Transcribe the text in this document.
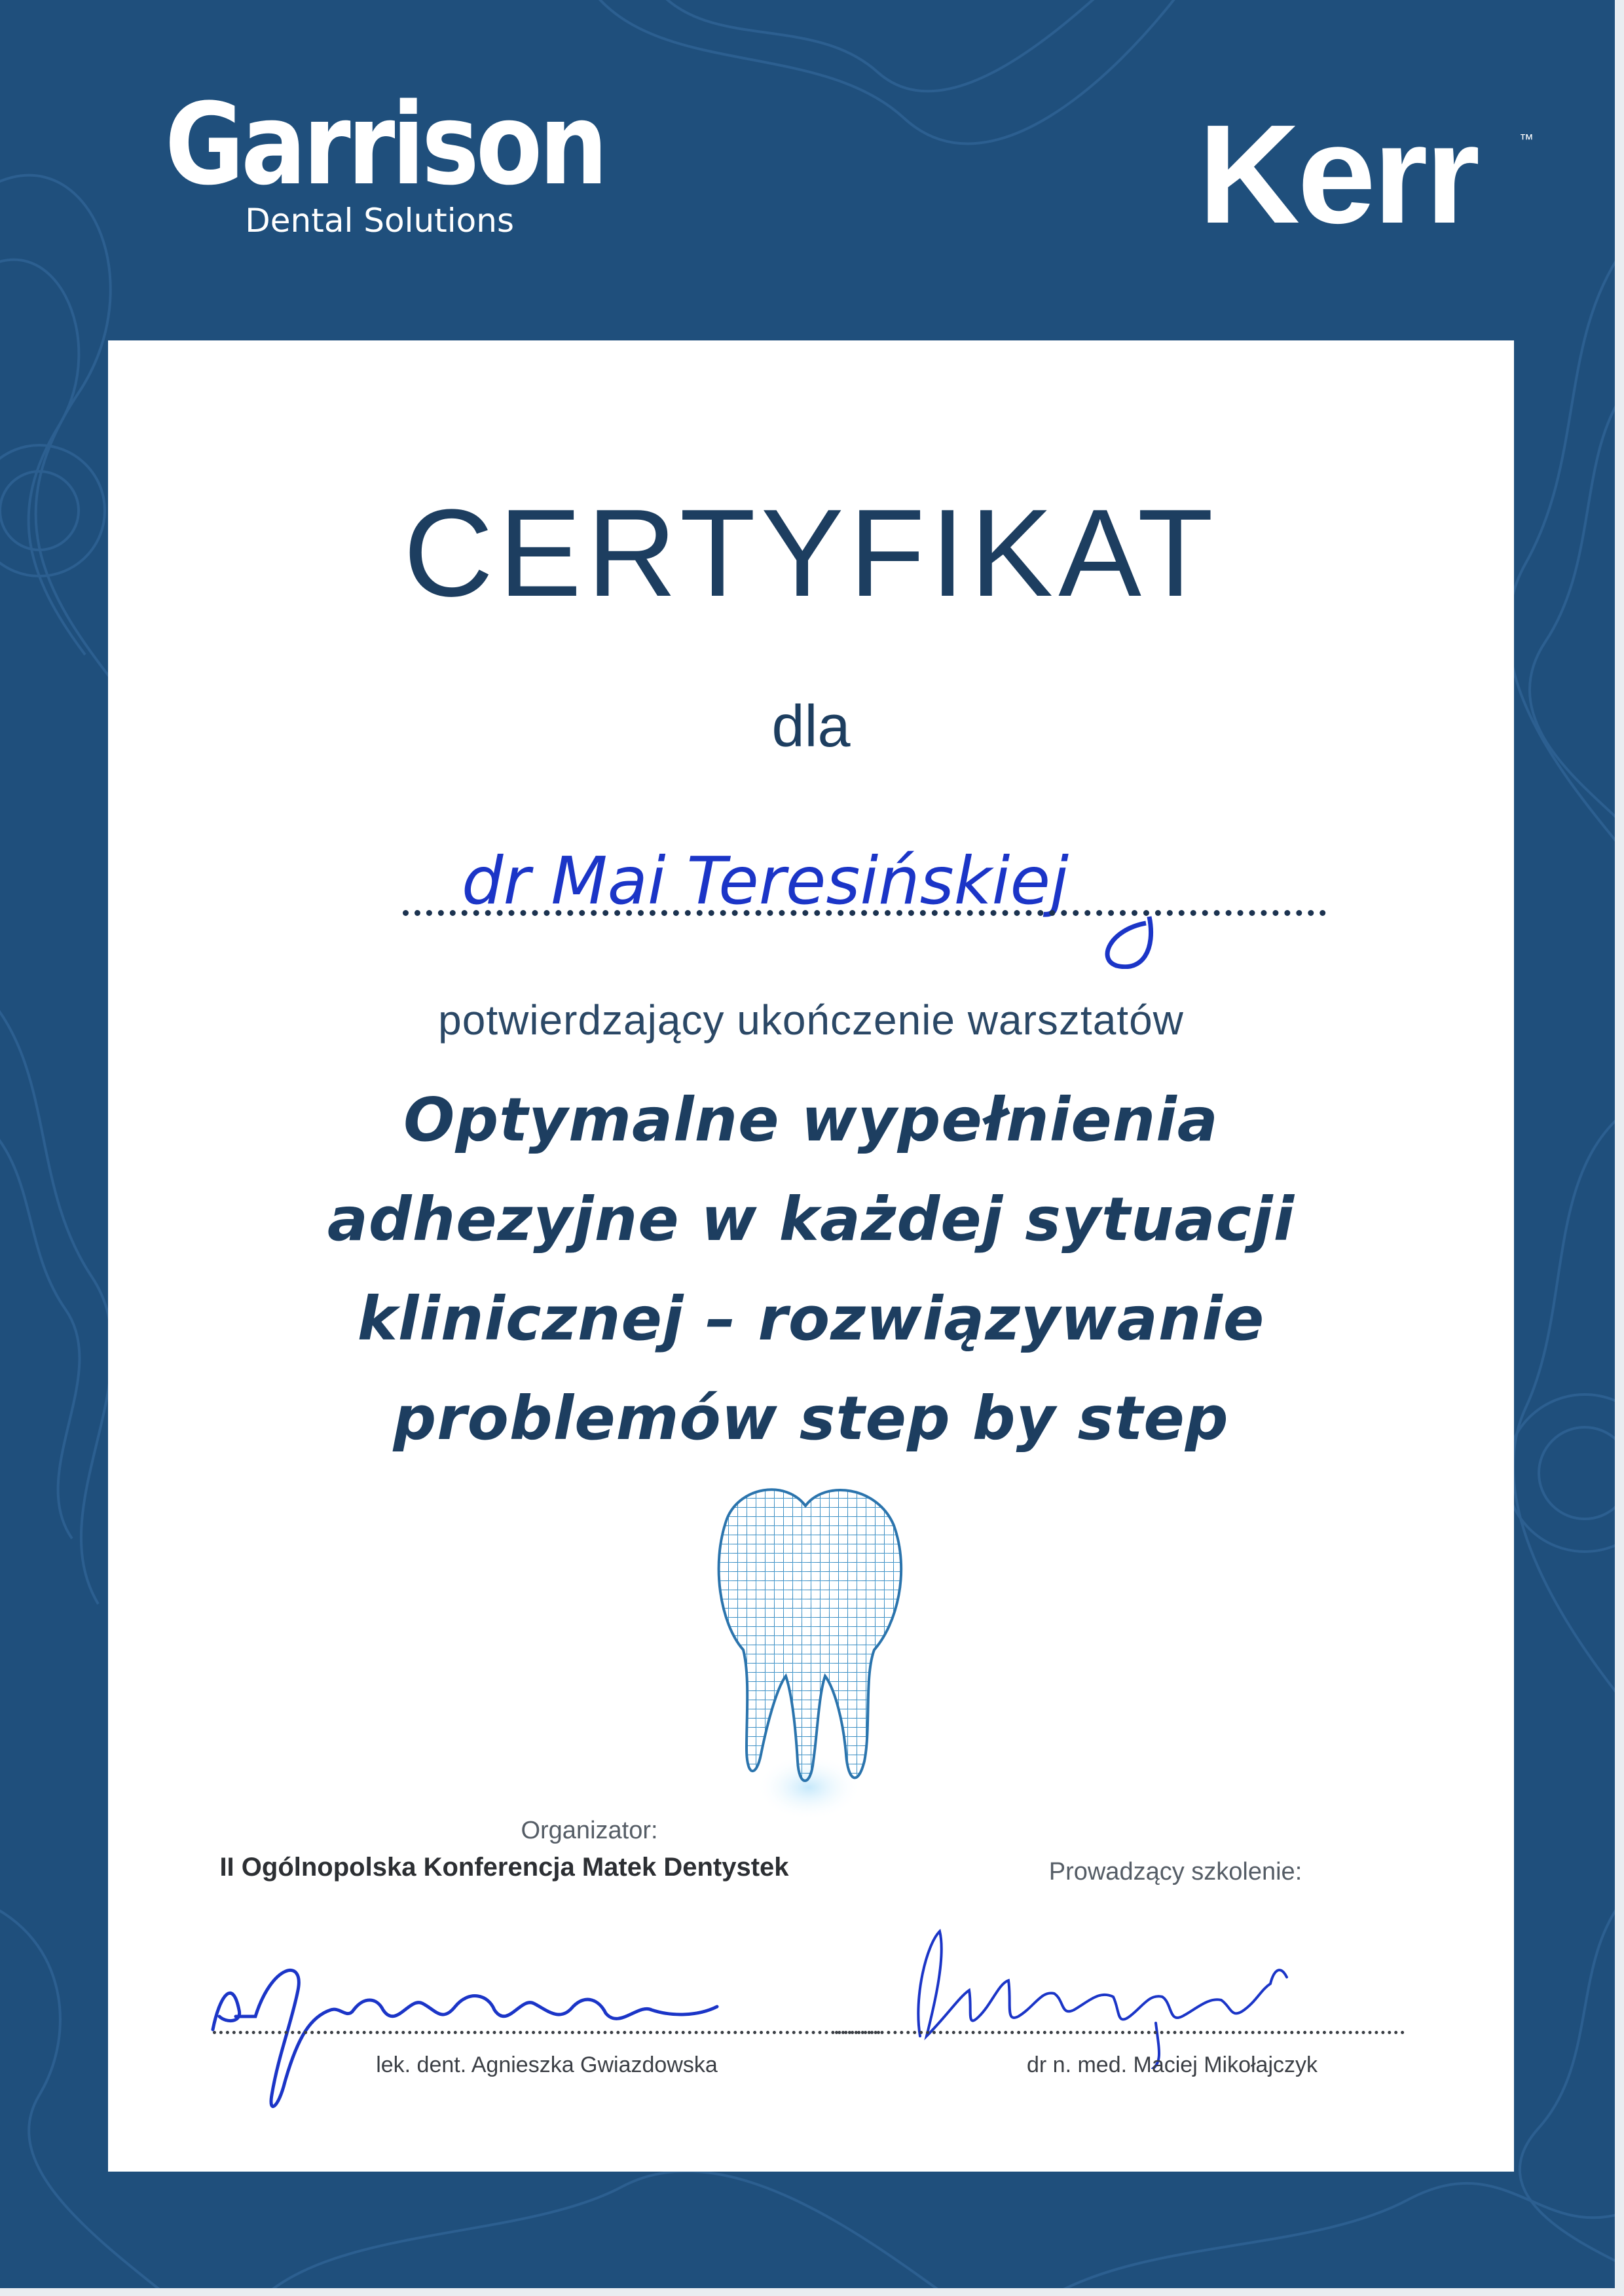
Garrison
Dental Solutions	Kerr	™
CERTYFIKAT
dla
dr Mai Teresińskiej
potwierdzający ukończenie warsztatów
Optymalne wypełnienia
adhezyjne w każdej sytuacji
klinicznej – rozwiązywanie
problemów step by step
Organizator:
II Ogólnopolska Konferencja Matek Dentystek	Prowadzący szkolenie:
lek. dent. Agnieszka Gwiazdowska	dr n. med. Maciej Mikołajczyk
